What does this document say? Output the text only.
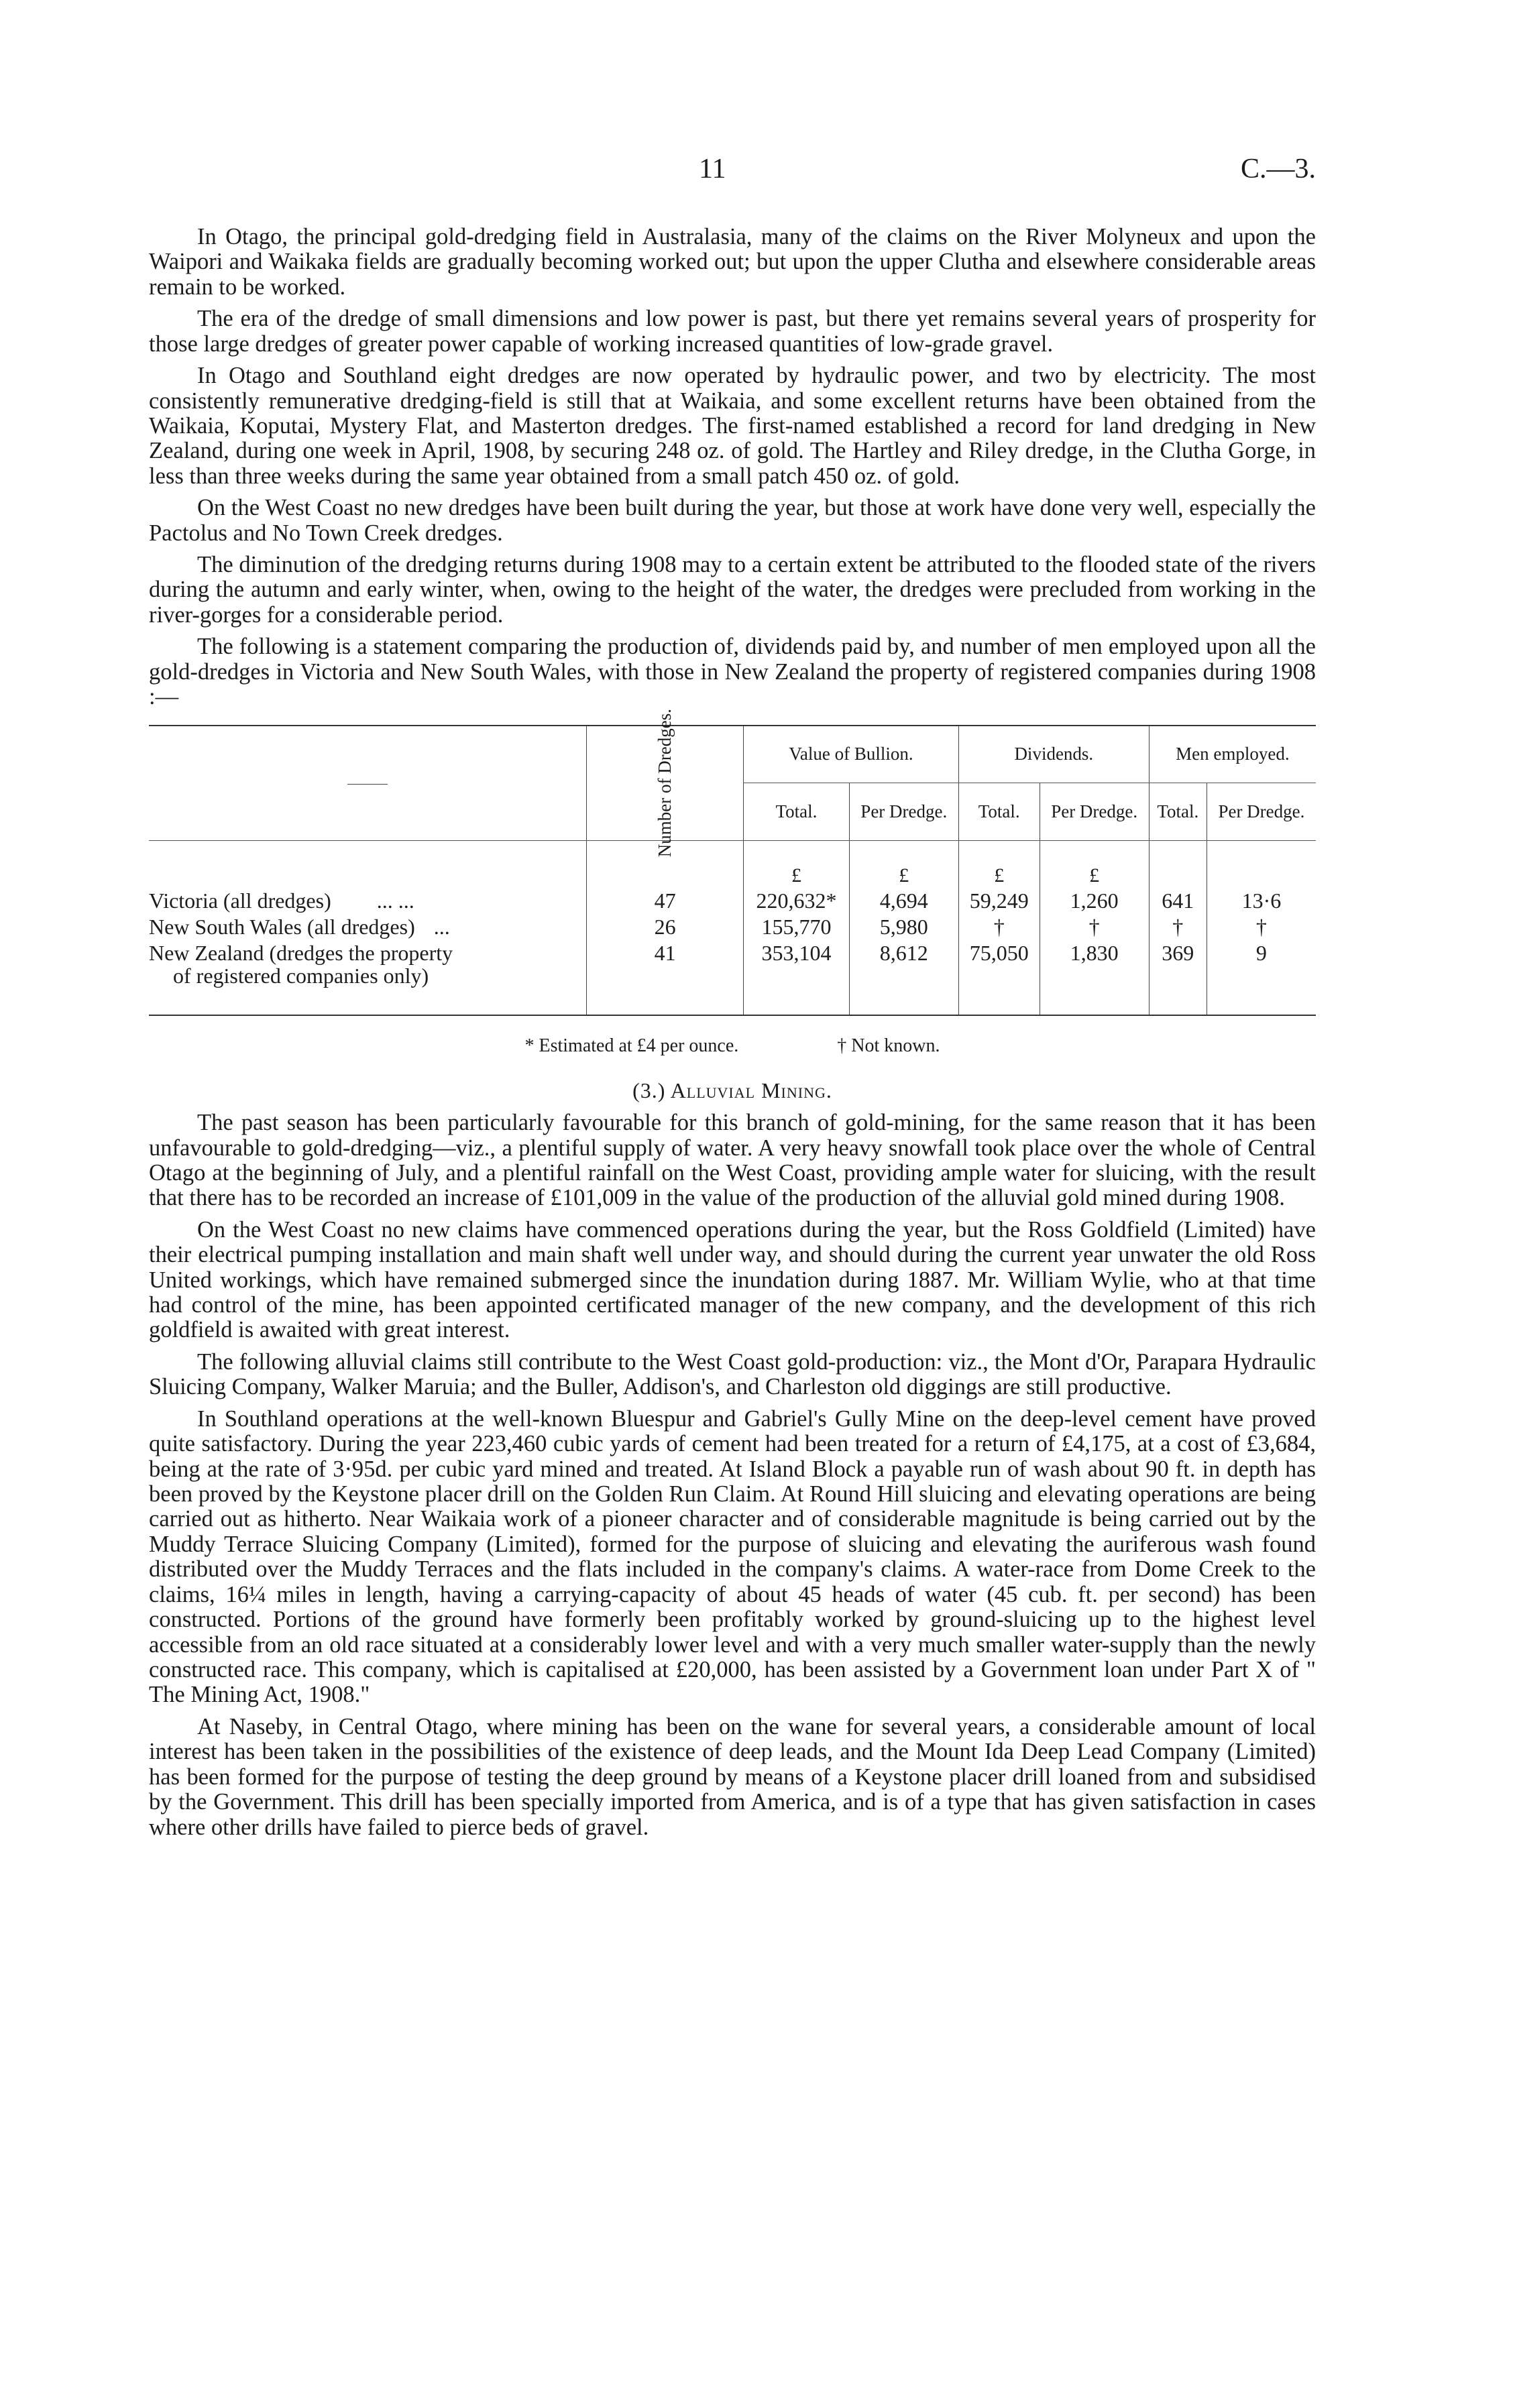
11	C.—3.

In Otago, the principal gold-dredging field in Australasia, many of the claims on the River Molyneux and upon the Waipori and Waikaka fields are gradually becoming worked out; but upon the upper Clutha and elsewhere considerable areas remain to be worked.

The era of the dredge of small dimensions and low power is past, but there yet remains several years of prosperity for those large dredges of greater power capable of working increased quantities of low-grade gravel.

In Otago and Southland eight dredges are now operated by hydraulic power, and two by electricity. The most consistently remunerative dredging-field is still that at Waikaia, and some excellent returns have been obtained from the Waikaia, Koputai, Mystery Flat, and Masterton dredges. The first-named established a record for land dredging in New Zealand, during one week in April, 1908, by securing 248 oz. of gold. The Hartley and Riley dredge, in the Clutha Gorge, in less than three weeks during the same year obtained from a small patch 450 oz. of gold.

On the West Coast no new dredges have been built during the year, but those at work have done very well, especially the Pactolus and No Town Creek dredges.

The diminution of the dredging returns during 1908 may to a certain extent be attributed to the flooded state of the rivers during the autumn and early winter, when, owing to the height of the water, the dredges were precluded from working in the river-gorges for a considerable period.

The following is a statement comparing the production of, dividends paid by, and number of men employed upon all the gold-dredges in Victoria and New South Wales, with those in New Zealand the property of registered companies during 1908 :—

	Number of Dredges.	Value of Bullion.		Dividends.		Men employed.	
		Total.	Per Dredge.	Total.	Per Dredge.	Total.	Per Dredge.
		£	£	£	£		
Victoria (all dredges) ... ...	47	220,632*	4,694	59,249	1,260	641	13·6
New South Wales (all dredges) ...	26	155,770	5,980	†	†	†	†
New Zealand (dredges the property
of registered companies only)	41	353,104	8,612	75,050	1,830	369	9
* Estimated at £4 per ounce.	† Not known.
(3.) Alluvial Mining.

The past season has been particularly favourable for this branch of gold-mining, for the same reason that it has been unfavourable to gold-dredging—viz., a plentiful supply of water. A very heavy snowfall took place over the whole of Central Otago at the beginning of July, and a plentiful rainfall on the West Coast, providing ample water for sluicing, with the result that there has to be recorded an increase of £101,009 in the value of the production of the alluvial gold mined during 1908.

On the West Coast no new claims have commenced operations during the year, but the Ross Goldfield (Limited) have their electrical pumping installation and main shaft well under way, and should during the current year unwater the old Ross United workings, which have remained submerged since the inundation during 1887. Mr. William Wylie, who at that time had control of the mine, has been appointed certificated manager of the new company, and the development of this rich goldfield is awaited with great interest.

The following alluvial claims still contribute to the West Coast gold-production: viz., the Mont d'Or, Parapara Hydraulic Sluicing Company, Walker Maruia; and the Buller, Addison's, and Charleston old diggings are still productive.

In Southland operations at the well-known Bluespur and Gabriel's Gully Mine on the deep-level cement have proved quite satisfactory. During the year 223,460 cubic yards of cement had been treated for a return of £4,175, at a cost of £3,684, being at the rate of 3·95d. per cubic yard mined and treated. At Island Block a payable run of wash about 90 ft. in depth has been proved by the Keystone placer drill on the Golden Run Claim. At Round Hill sluicing and elevating operations are being carried out as hitherto. Near Waikaia work of a pioneer character and of considerable magnitude is being carried out by the Muddy Terrace Sluicing Company (Limited), formed for the purpose of sluicing and elevating the auriferous wash found distributed over the Muddy Terraces and the flats included in the company's claims. A water-race from Dome Creek to the claims, 16¼ miles in length, having a carrying-capacity of about 45 heads of water (45 cub. ft. per second) has been constructed. Portions of the ground have formerly been profitably worked by ground-sluicing up to the highest level accessible from an old race situated at a considerably lower level and with a very much smaller water-supply than the newly constructed race. This company, which is capitalised at £20,000, has been assisted by a Government loan under Part X of " The Mining Act, 1908."

At Naseby, in Central Otago, where mining has been on the wane for several years, a considerable amount of local interest has been taken in the possibilities of the existence of deep leads, and the Mount Ida Deep Lead Company (Limited) has been formed for the purpose of testing the deep ground by means of a Keystone placer drill loaned from and subsidised by the Government. This drill has been specially imported from America, and is of a type that has given satisfaction in cases where other drills have failed to pierce beds of gravel.
